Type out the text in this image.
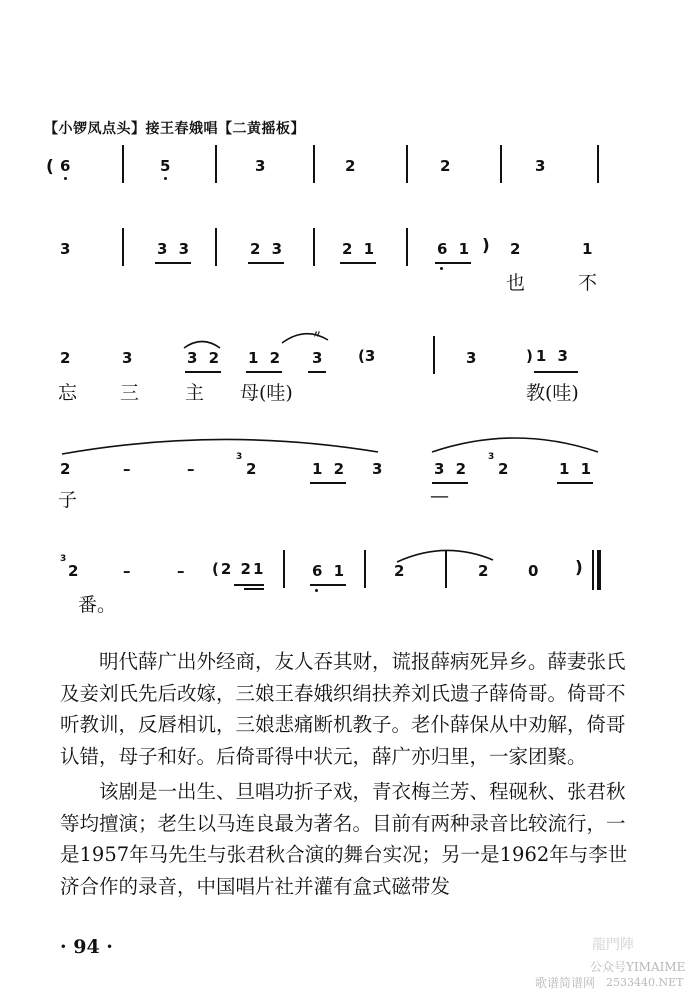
【小锣凤点头】接王春娥唱【二黄摇板】
( 6	5	3	2	2	3
3	3 3	2 3	2 1	6 1 ) 2	1
也	不
〃
2	3	3 2 1 2 3 (3	3	)1 3
忘 三 主 母(哇)	教(哇)
2	–	–
3
2	1 2 3	3 2
3
2	1 1
子	—
3
2	–	– (2 21	6 1	2	2	0 )
番。

明代薛广出外经商，友人吞其财，谎报薛病死异乡。薛妻张氏及妾刘氏先后改嫁，三娘王春娥织绢扶养刘氏遗子薛倚哥。倚哥不听教训，反唇相讥，三娘悲痛断机教子。老仆薛保从中劝解，倚哥认错，母子和好。后倚哥得中状元，薛广亦归里，一家团聚。

该剧是一出生、旦唱功折子戏，青衣梅兰芳、程砚秋、张君秋等均擅演；老生以马连良最为著名。目前有两种录音比较流行，一是1957年马先生与张君秋合演的舞台实况；另一是1962年与李世济合作的录音，中国唱片社并灌有盒式磁带发

· 94 ·	龍門陣
公众号YIMAIME
歌谱简谱网 2533440.NET
